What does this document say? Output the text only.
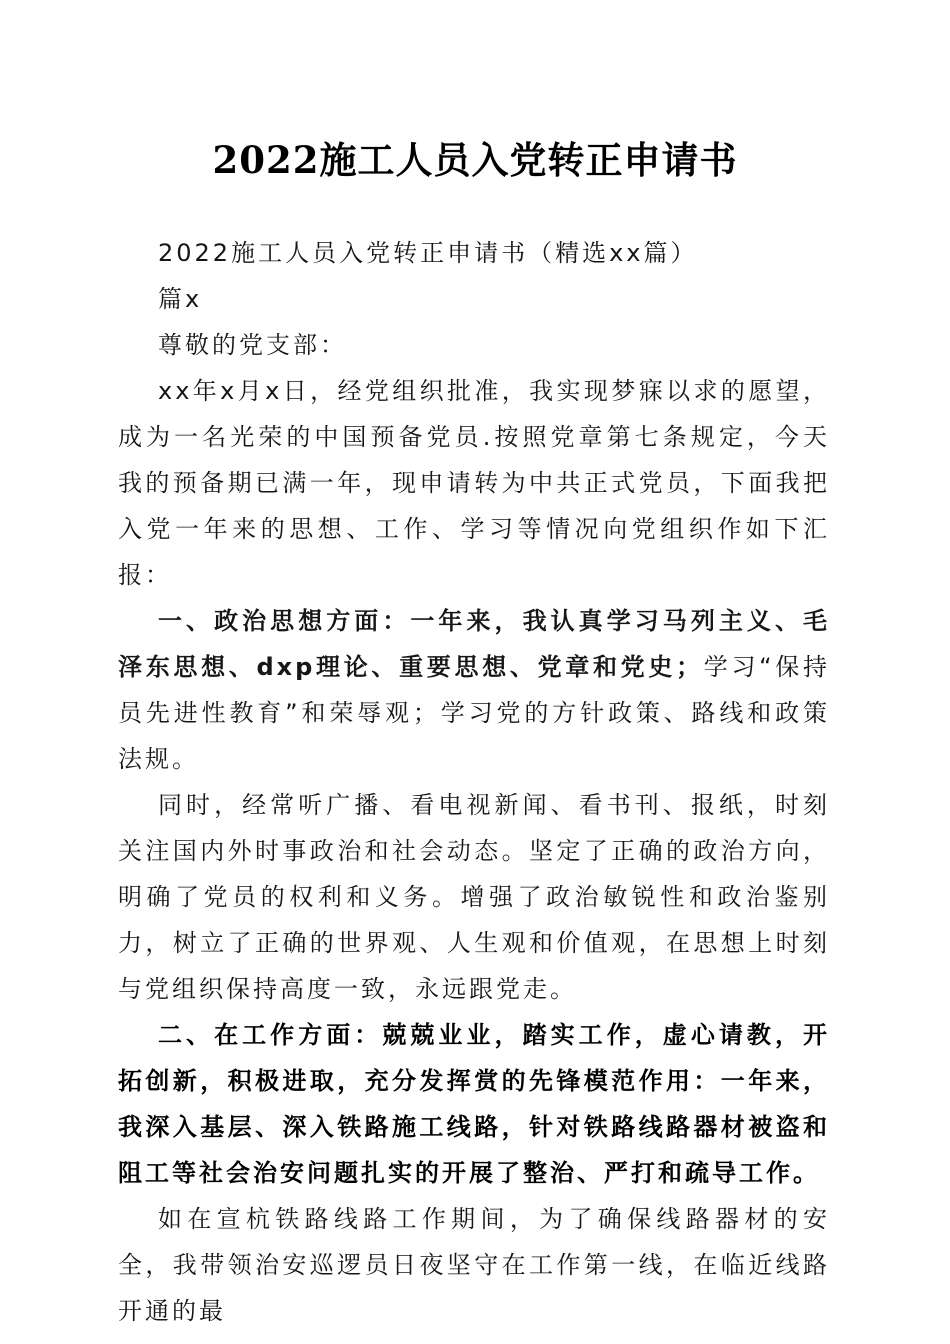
2022施工人员入党转正申请书

2022施工人员入党转正申请书（精选xx篇）

篇x

尊敬的党支部：

xx年x月x日，经党组织批准，我实现梦寐以求的愿望，成为一名光荣的中国预备党员.按照党章第七条规定，今天我的预备期已满一年，现申请转为中共正式党员，下面我把入党一年来的思想、工作、学习等情况向党组织作如下汇报：

一、政治思想方面：一年来，我认真学习马列主义、毛泽东思想、dxp理论、重要思想、党章和党史；学习“保持员先进性教育”和荣辱观；学习党的方针政策、路线和政策法规。

同时，经常听广播、看电视新闻、看书刊、报纸，时刻关注国内外时事政治和社会动态。坚定了正确的政治方向，明确了党员的权利和义务。增强了政治敏锐性和政治鉴别力，树立了正确的世界观、人生观和价值观，在思想上时刻与党组织保持高度一致，永远跟党走。

二、在工作方面：兢兢业业，踏实工作，虚心请教，开拓创新，积极进取，充分发挥赏的先锋模范作用：一年来，我深入基层、深入铁路施工线路，针对铁路线路器材被盗和阻工等社会治安问题扎实的开展了整治、严打和疏导工作。

如在宣杭铁路线路工作期间，为了确保线路器材的安全，我带领治安巡逻员日夜坚守在工作第一线，在临近线路开通的最
